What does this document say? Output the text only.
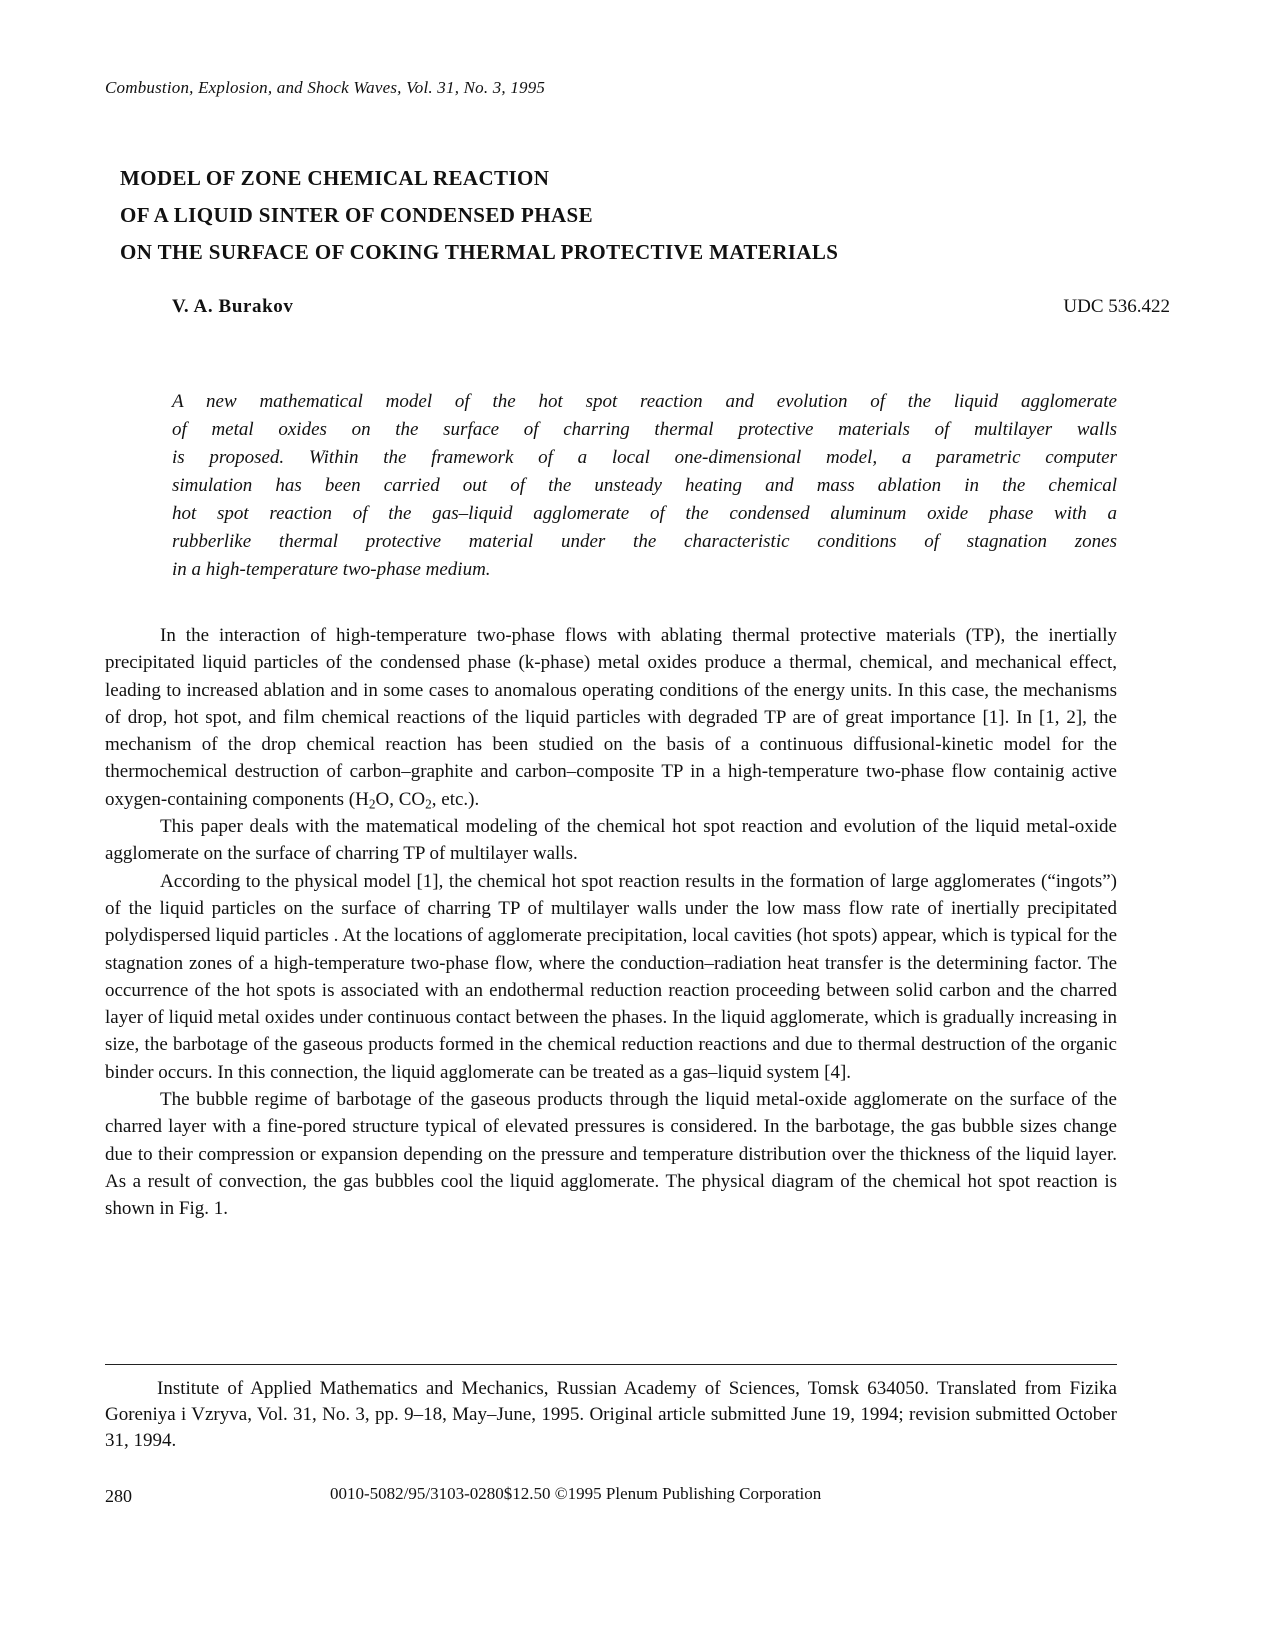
Combustion, Explosion, and Shock Waves, Vol. 31, No. 3, 1995
MODEL OF ZONE CHEMICAL REACTION
OF A LIQUID SINTER OF CONDENSED PHASE
ON THE SURFACE OF COKING THERMAL PROTECTIVE MATERIALS
V. A. Burakov	UDC 536.422
A new mathematical model of the hot spot reaction and evolution of the liquid agglomerate
of metal oxides on the surface of charring thermal protective materials of multilayer walls
is proposed. Within the framework of a local one-dimensional model, a parametric computer
simulation has been carried out of the unsteady heating and mass ablation in the chemical
hot spot reaction of the gas–liquid agglomerate of the condensed aluminum oxide phase with a
rubberlike thermal protective material under the characteristic conditions of stagnation zones
in a high-temperature two-phase medium.

In the interaction of high-temperature two-phase flows with ablating thermal protective materials (TP), the inertially precipitated liquid particles of the condensed phase (k-phase) metal oxides produce a thermal, chemical, and mechanical effect, leading to increased ablation and in some cases to anomalous operating conditions of the energy units. In this case, the mechanisms of drop, hot spot, and film chemical reactions of the liquid particles with degraded TP are of great importance [1]. In [1, 2], the mechanism of the drop chemical reaction has been studied on the basis of a continuous diffusional-kinetic model for the thermochemical destruction of carbon–graphite and carbon–composite TP in a high-temperature two-phase flow containig active oxygen-containing components ($H_2O$, $CO_2$, etc.).

This paper deals with the matematical modeling of the chemical hot spot reaction and evolution of the liquid metal-oxide agglomerate on the surface of charring TP of multilayer walls.

According to the physical model [1], the chemical hot spot reaction results in the formation of large agglomerates (“ingots”) of the liquid particles on the surface of charring TP of multilayer walls under the low mass flow rate of inertially precipitated polydispersed liquid particles . At the locations of agglomerate precipitation, local cavities (hot spots) appear, which is typical for the stagnation zones of a high-temperature two-phase flow, where the conduction–radiation heat transfer is the determining factor. The occurrence of the hot spots is associated with an endothermal reduction reaction proceeding between solid carbon and the charred layer of liquid metal oxides under continuous contact between the phases. In the liquid agglomerate, which is gradually increasing in size, the barbotage of the gaseous products formed in the chemical reduction reactions and due to thermal destruction of the organic binder occurs. In this connection, the liquid agglomerate can be treated as a gas–liquid system [4].

The bubble regime of barbotage of the gaseous products through the liquid metal-oxide agglomerate on the surface of the charred layer with a fine-pored structure typical of elevated pressures is considered. In the barbotage, the gas bubble sizes change due to their compression or expansion depending on the pressure and temperature distribution over the thickness of the liquid layer. As a result of convection, the gas bubbles cool the liquid agglomerate. The physical diagram of the chemical hot spot reaction is shown in Fig. 1.

Institute of Applied Mathematics and Mechanics, Russian Academy of Sciences, Tomsk 634050. Translated from Fizika Goreniya i Vzryva, Vol. 31, No. 3, pp. 9–18, May–June, 1995. Original article submitted June 19, 1994; revision submitted October 31, 1994.

280	0010-5082/95/3103-0280$12.50 ©1995 Plenum Publishing Corporation
